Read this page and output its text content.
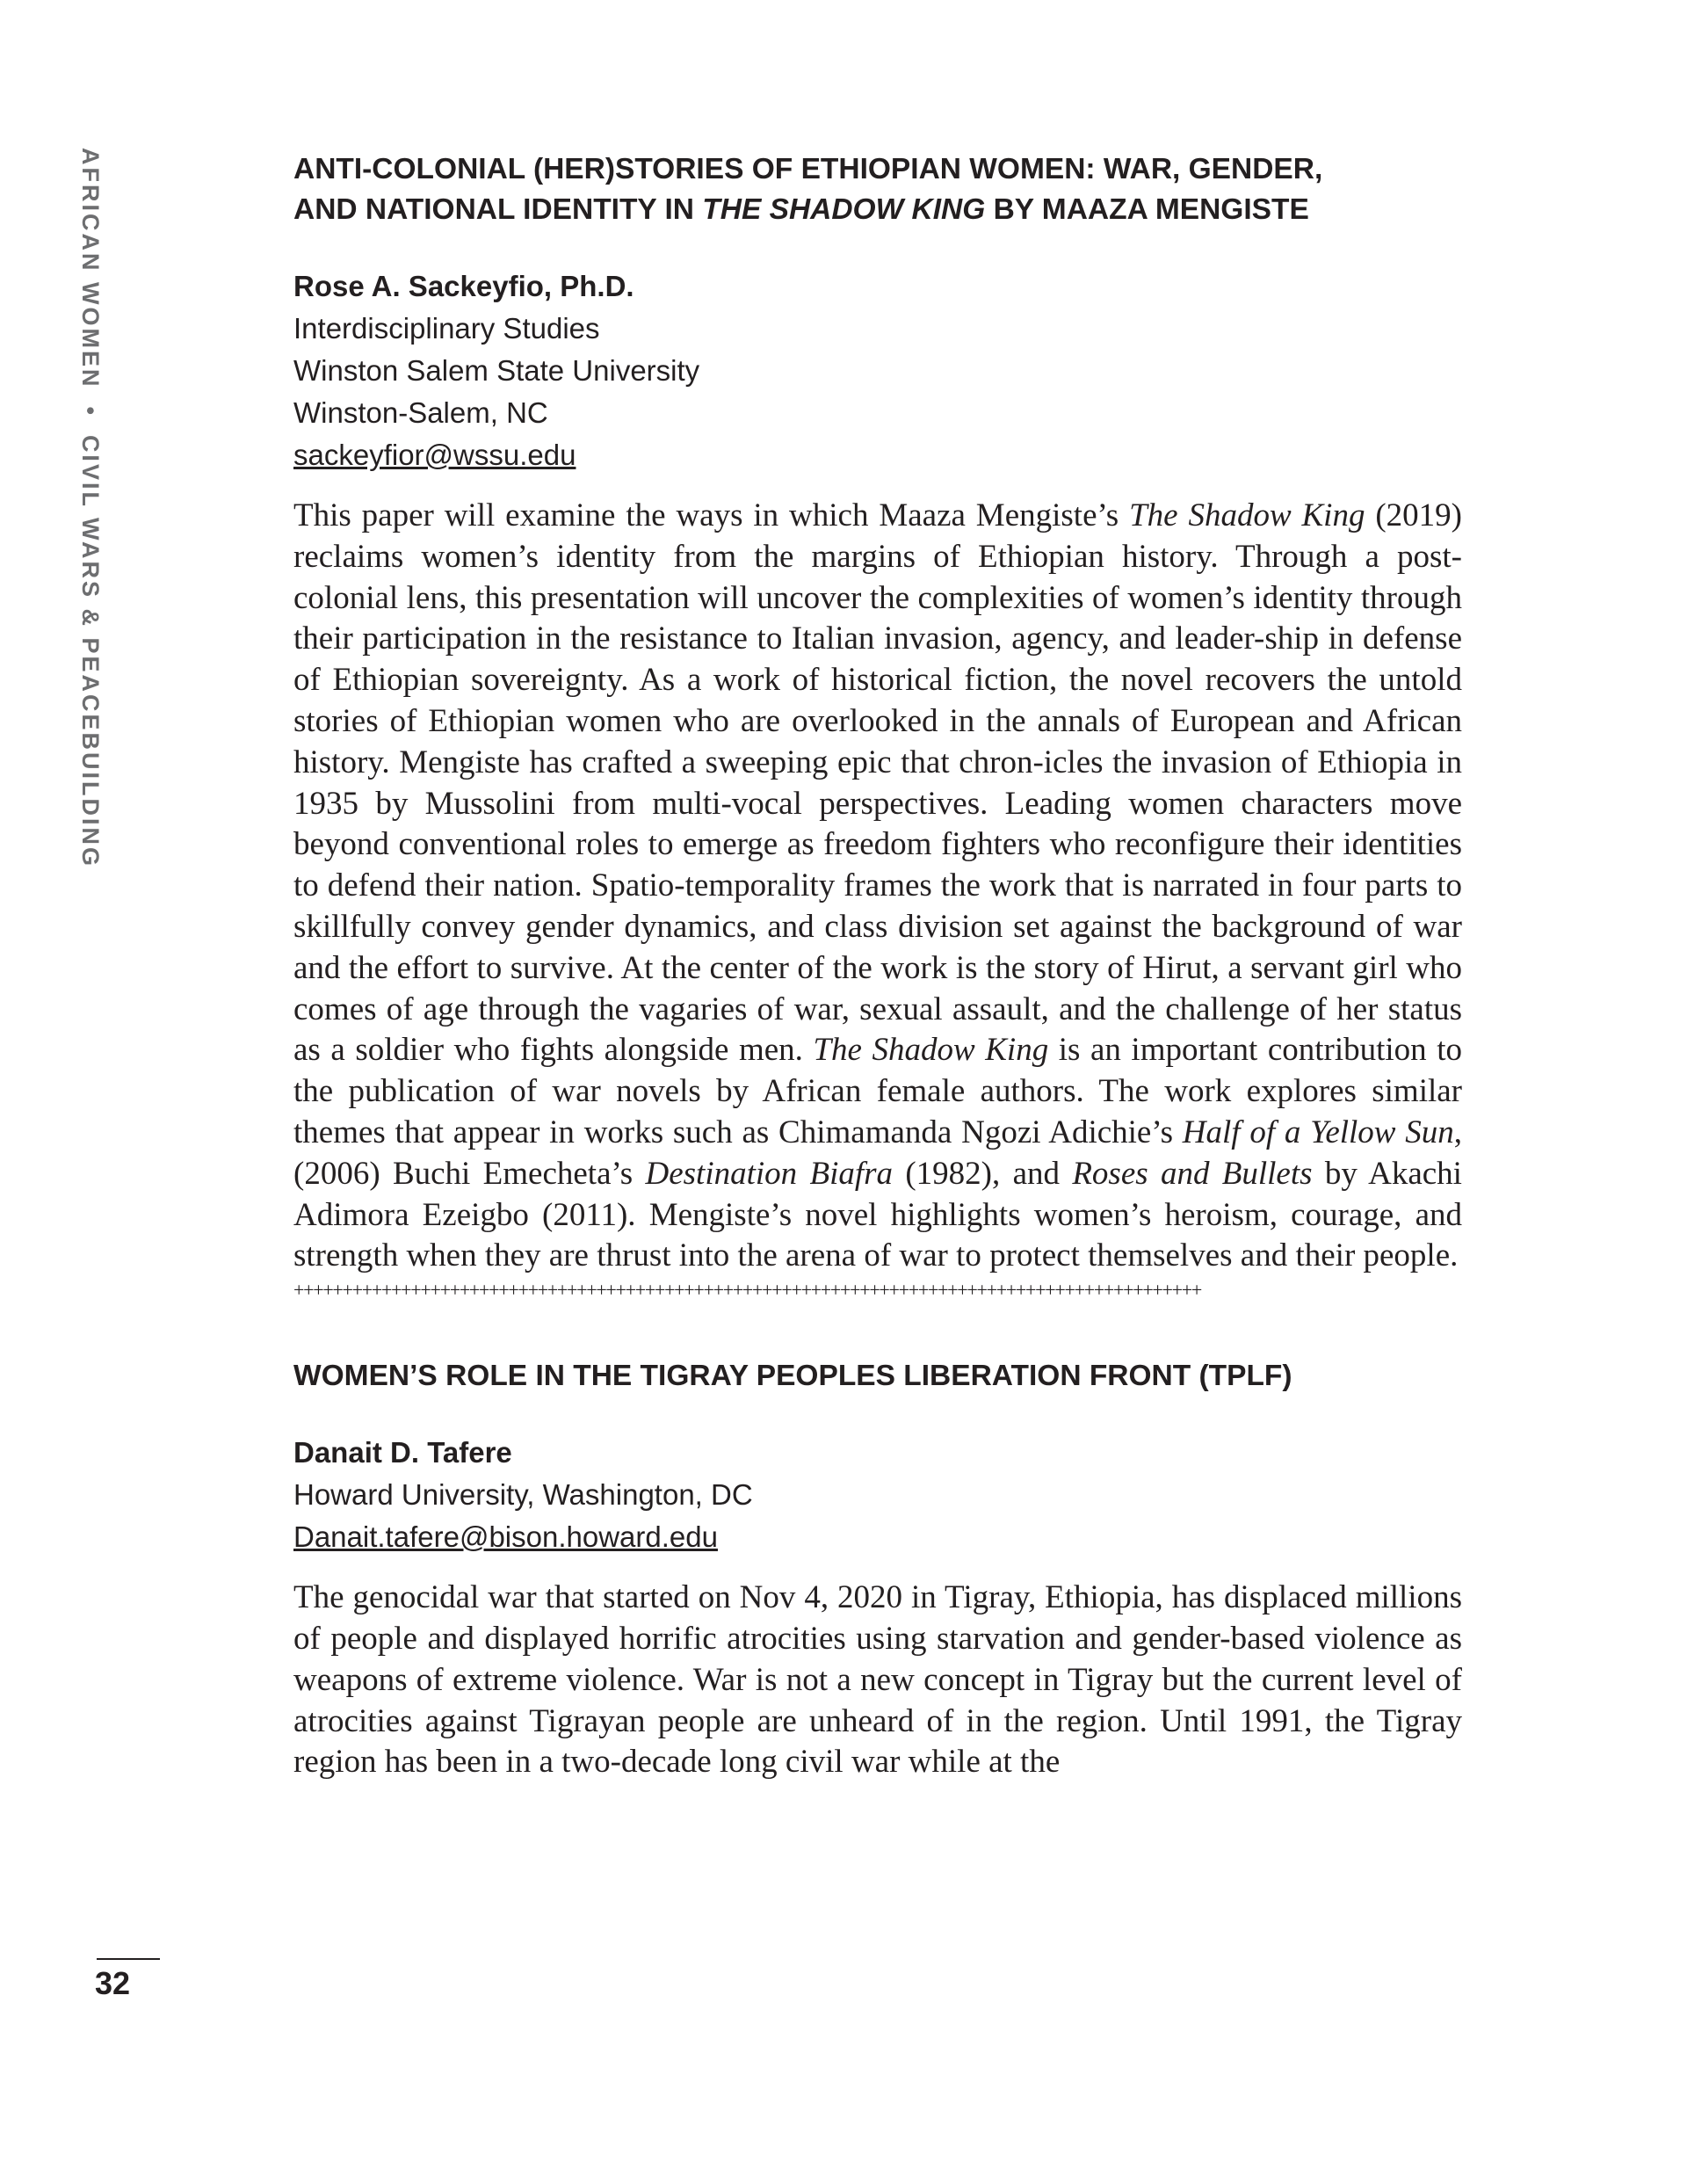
AFRICAN WOMEN•CIVIL WARS & PEACEBUILDING
32
ANTI-COLONIAL (HER)STORIES OF ETHIOPIAN WOMEN: WAR, GENDER,
AND NATIONAL IDENTITY IN THE SHADOW KING BY MAAZA MENGISTE
Rose A. Sackeyfio, Ph.D.
Interdisciplinary Studies
Winston Salem State University
Winston-Salem, NC
sackeyfior@wssu.edu

This paper will examine the ways in which Maaza Mengiste’s The Shadow King (2019) reclaims women’s identity from the margins of Ethiopian history. Through a post-colonial lens, this presentation will uncover the complexities of women’s identity through their participation in the resistance to Italian invasion, agency, and leader-ship in defense of Ethiopian sovereignty. As a work of historical fiction, the novel recovers the untold stories of Ethiopian women who are overlooked in the annals of European and African history. Mengiste has crafted a sweeping epic that chron-icles the invasion of Ethiopia in 1935 by Mussolini from multi-vocal perspectives. Leading women characters move beyond conventional roles to emerge as freedom fighters who reconfigure their identities to defend their nation. Spatio-temporality frames the work that is narrated in four parts to skillfully convey gender dynamics, and class division set against the background of war and the effort to survive. At the center of the work is the story of Hirut, a servant girl who comes of age through the vagaries of war, sexual assault, and the challenge of her status as a soldier who fights alongside men. The Shadow King is an important contribution to the publication of war novels by African female authors. The work explores similar themes that appear in works such as Chimamanda Ngozi Adichie’s Half of a Yellow Sun, (2006) Buchi Emecheta’s Destination Biafra (1982), and Roses and Bullets by Akachi Adimora Ezeigbo (2011). Mengiste’s novel highlights women’s heroism, courage, and strength when they are thrust into the arena of war to protect themselves and their people.

+++++++++++++++++++++++++++++++++++++++++++++++++++++++++++++++++++++++++++++++++++++++++++++
WOMEN’S ROLE IN THE TIGRAY PEOPLES LIBERATION FRONT (TPLF)
Danait D. Tafere
Howard University, Washington, DC
Danait.tafere@bison.howard.edu

The genocidal war that started on Nov 4, 2020 in Tigray, Ethiopia, has displaced millions of people and displayed horrific atrocities using starvation and gender-based violence as weapons of extreme violence. War is not a new concept in Tigray but the current level of atrocities against Tigrayan people are unheard of in the region. Until 1991, the Tigray region has been in a two-decade long civil war while at the
